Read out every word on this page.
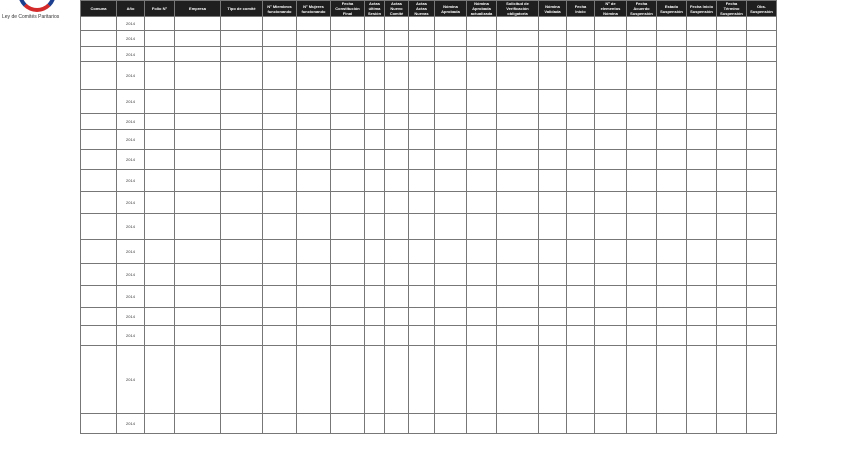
Ley de Comités Paritarios
Comuna	Año	Folio N°	Empresa	Tipo de comité	N° Miembros funcionando	N° Mujeres funcionando	Fecha Constitución Final	Actas última Sesión	Actas Nuevo Comité	Actas Actas Nuevas	Nómina Aprobada	Nómina Aprobada actualizada	Solicitud de Verificación obligatoria	Nómina Validada	Fecha Inicio	Nº de elementos Nómina	Fecha Acuerdo Suspensión	Estado Suspensión	Fecha Inicio Suspensión	Fecha Término Suspensión	Obs. Suspensión
	2014																				
	2014																				
	2014																				
	2014																				
	2014																				
	2014																				
	2014																				
	2014																				
	2014																				
	2014																				
	2014																				
	2014																				
	2014																				
	2014																				
	2014																				
	2014																				
	2014																				
	2014																				
